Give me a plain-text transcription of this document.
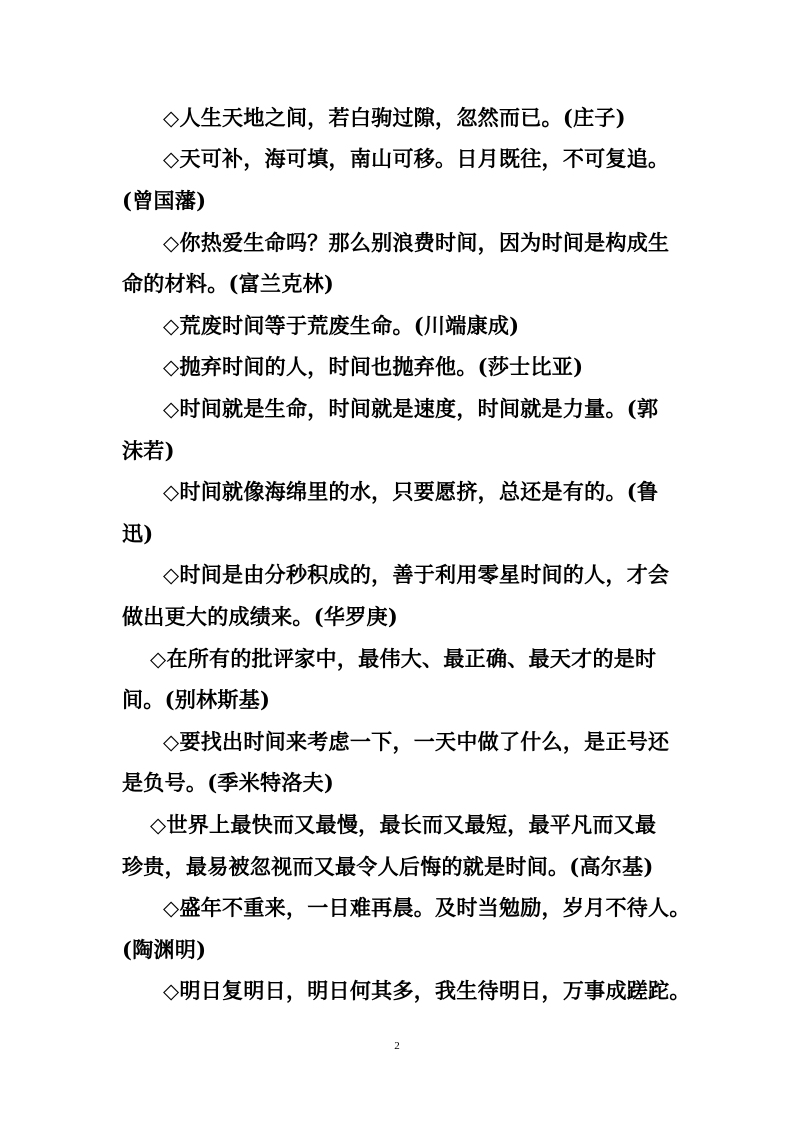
◇人生天地之间，若白驹过隙，忽然而已。(庄子)
◇天可补，海可填，南山可移。日月既往，不可复追。
(曾国藩)
◇你热爱生命吗？那么别浪费时间，因为时间是构成生
命的材料。(富兰克林)
◇荒废时间等于荒废生命。(川端康成)
◇抛弃时间的人，时间也抛弃他。(莎士比亚)
◇时间就是生命，时间就是速度，时间就是力量。(郭
沫若)
◇时间就像海绵里的水，只要愿挤，总还是有的。(鲁
迅)
◇时间是由分秒积成的，善于利用零星时间的人，才会
做出更大的成绩来。(华罗庚)
◇在所有的批评家中，最伟大、最正确、最天才的是时
间。(别林斯基)
◇要找出时间来考虑一下，一天中做了什么，是正号还
是负号。(季米特洛夫)
◇世界上最快而又最慢，最长而又最短，最平凡而又最
珍贵，最易被忽视而又最令人后悔的就是时间。(高尔基)
◇盛年不重来，一日难再晨。及时当勉励，岁月不待人。
(陶渊明)
◇明日复明日，明日何其多，我生待明日，万事成蹉跎。
2
